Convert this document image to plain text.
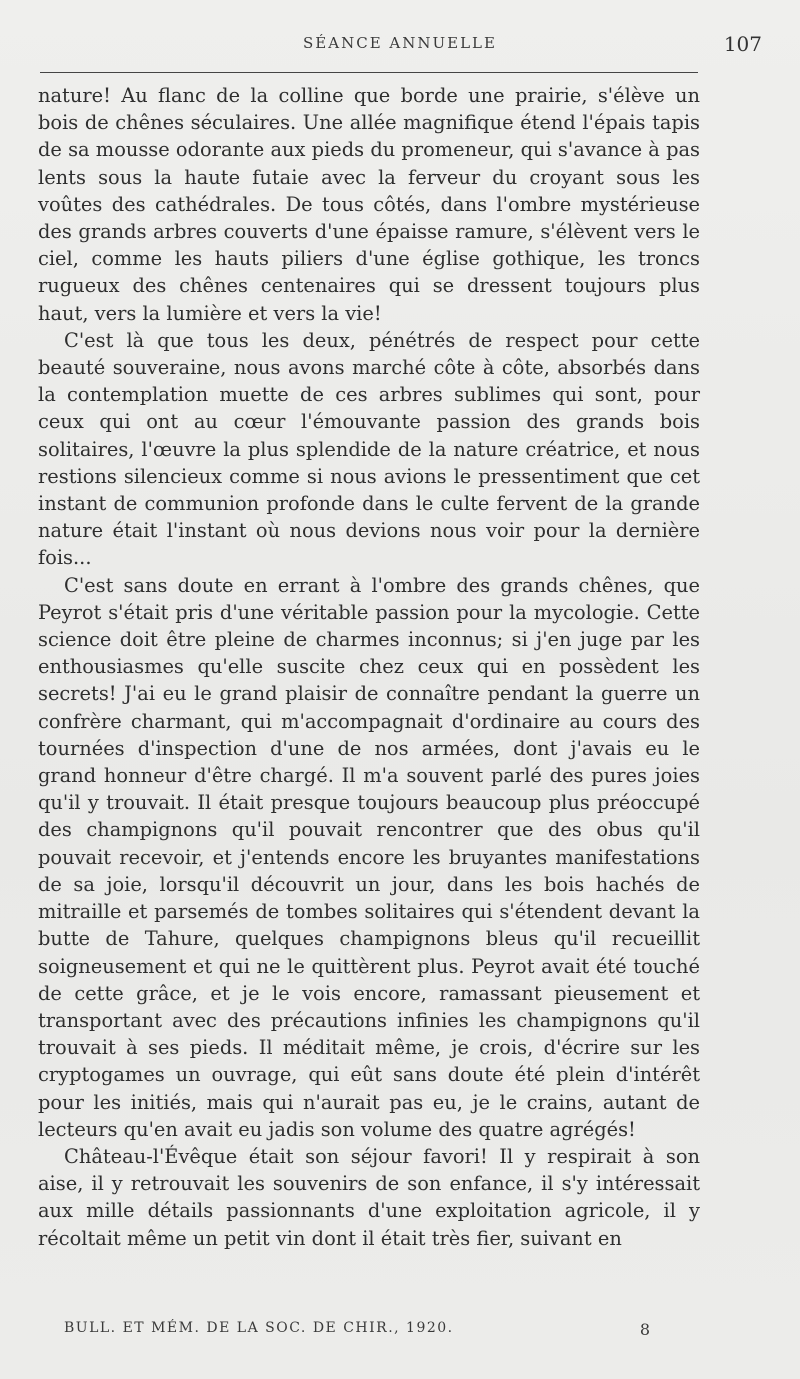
SÉANCE ANNUELLE	107

nature! Au flanc de la colline que borde une prairie, s'élève un bois de chênes séculaires. Une allée magnifique étend l'épais tapis de sa mousse odorante aux pieds du promeneur, qui s'avance à pas lents sous la haute futaie avec la ferveur du croyant sous les voûtes des cathédrales. De tous côtés, dans l'ombre mystérieuse des grands arbres couverts d'une épaisse ramure, s'élèvent vers le ciel, comme les hauts piliers d'une église gothique, les troncs rugueux des chênes centenaires qui se dressent toujours plus haut, vers la lumière et vers la vie!

C'est là que tous les deux, pénétrés de respect pour cette beauté souveraine, nous avons marché côte à côte, absorbés dans la contemplation muette de ces arbres sublimes qui sont, pour ceux qui ont au cœur l'émouvante passion des grands bois solitaires, l'œuvre la plus splendide de la nature créatrice, et nous restions silencieux comme si nous avions le pressentiment que cet instant de communion profonde dans le culte fervent de la grande nature était l'instant où nous devions nous voir pour la dernière fois...

C'est sans doute en errant à l'ombre des grands chênes, que Peyrot s'était pris d'une véritable passion pour la mycologie. Cette science doit être pleine de charmes inconnus; si j'en juge par les enthousiasmes qu'elle suscite chez ceux qui en possèdent les secrets! J'ai eu le grand plaisir de connaître pendant la guerre un confrère charmant, qui m'accompagnait d'ordinaire au cours des tournées d'inspection d'une de nos armées, dont j'avais eu le grand honneur d'être chargé. Il m'a souvent parlé des pures joies qu'il y trouvait. Il était presque toujours beaucoup plus préoccupé des champignons qu'il pouvait rencontrer que des obus qu'il pouvait recevoir, et j'entends encore les bruyantes manifestations de sa joie, lorsqu'il découvrit un jour, dans les bois hachés de mitraille et parsemés de tombes solitaires qui s'étendent devant la butte de Tahure, quelques champignons bleus qu'il recueillit soigneusement et qui ne le quittèrent plus. Peyrot avait été touché de cette grâce, et je le vois encore, ramassant pieusement et transportant avec des précautions infinies les champignons qu'il trouvait à ses pieds. Il méditait même, je crois, d'écrire sur les cryptogames un ouvrage, qui eût sans doute été plein d'intérêt pour les initiés, mais qui n'aurait pas eu, je le crains, autant de lecteurs qu'en avait eu jadis son volume des quatre agrégés!

Château-l'Évêque était son séjour favori! Il y respirait à son aise, il y retrouvait les souvenirs de son enfance, il s'y intéressait aux mille détails passionnants d'une exploitation agricole, il y récoltait même un petit vin dont il était très fier, suivant en

BULL. ET MÉM. DE LA SOC. DE CHIR., 1920.	8
